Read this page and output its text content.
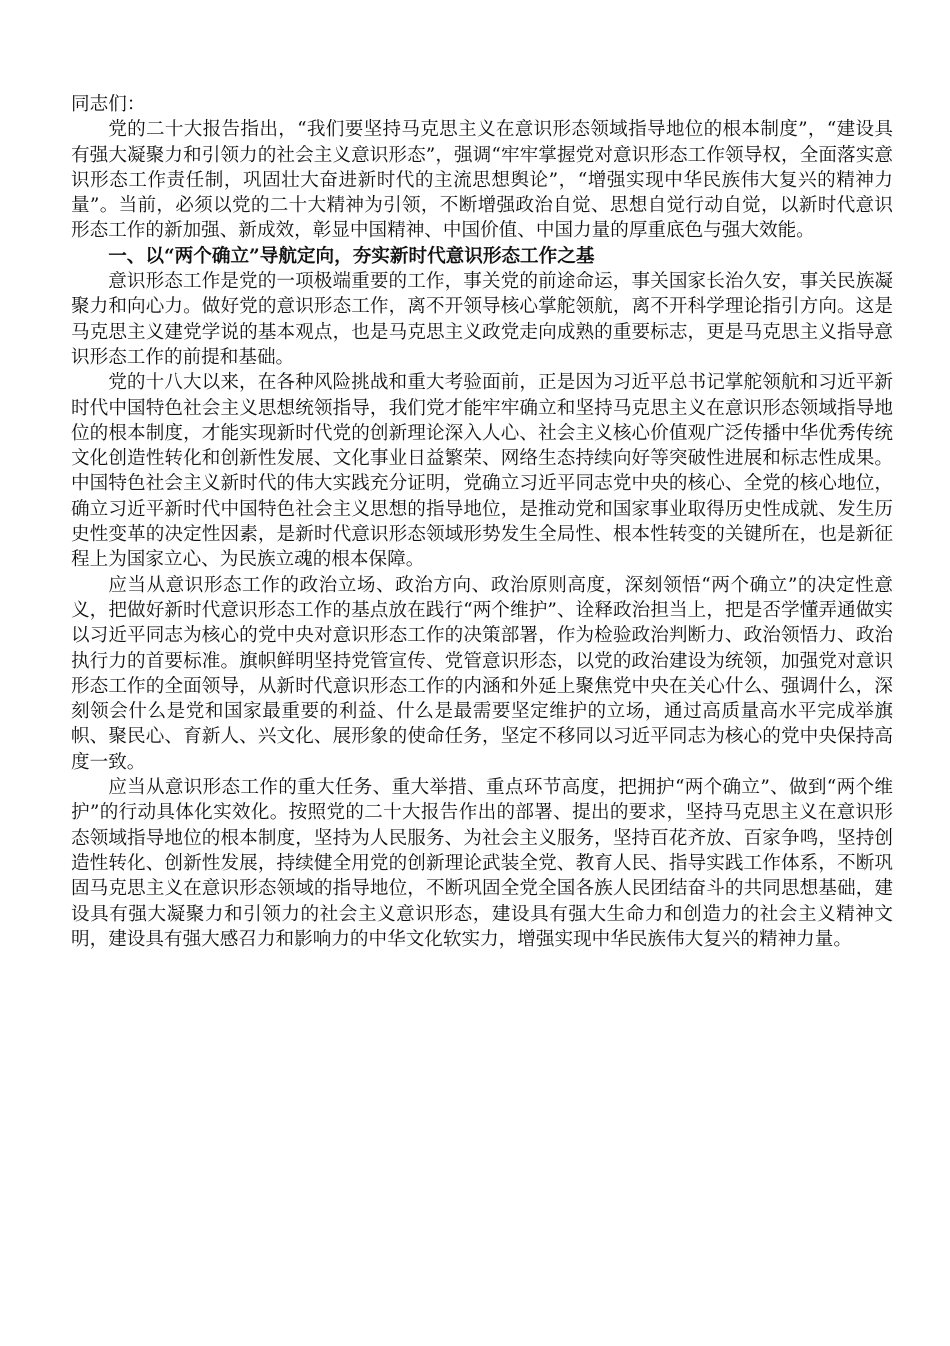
同志们：

党的二十大报告指出，“我们要坚持马克思主义在意识形态领域指导地位的根本制度”，“建设具有强大凝聚力和引领力的社会主义意识形态”，强调“牢牢掌握党对意识形态工作领导权，全面落实意识形态工作责任制，巩固壮大奋进新时代的主流思想舆论”，“增强实现中华民族伟大复兴的精神力量”。当前，必须以党的二十大精神为引领，不断增强政治自觉、思想自觉行动自觉，以新时代意识形态工作的新加强、新成效，彰显中国精神、中国价值、中国力量的厚重底色与强大效能。

一、以“两个确立”导航定向，夯实新时代意识形态工作之基

意识形态工作是党的一项极端重要的工作，事关党的前途命运，事关国家长治久安，事关民族凝聚力和向心力。做好党的意识形态工作，离不开领导核心掌舵领航，离不开科学理论指引方向。这是马克思主义建党学说的基本观点，也是马克思主义政党走向成熟的重要标志，更是马克思主义指导意识形态工作的前提和基础。

党的十八大以来，在各种风险挑战和重大考验面前，正是因为习近平总书记掌舵领航和习近平新时代中国特色社会主义思想统领指导，我们党才能牢牢确立和坚持马克思主义在意识形态领域指导地位的根本制度，才能实现新时代党的创新理论深入人心、社会主义核心价值观广泛传播中华优秀传统文化创造性转化和创新性发展、文化事业日益繁荣、网络生态持续向好等突破性进展和标志性成果。中国特色社会主义新时代的伟大实践充分证明，党确立习近平同志党中央的核心、全党的核心地位，确立习近平新时代中国特色社会主义思想的指导地位，是推动党和国家事业取得历史性成就、发生历史性变革的决定性因素，是新时代意识形态领域形势发生全局性、根本性转变的关键所在，也是新征程上为国家立心、为民族立魂的根本保障。

应当从意识形态工作的政治立场、政治方向、政治原则高度，深刻领悟“两个确立”的决定性意义，把做好新时代意识形态工作的基点放在践行“两个维护”、诠释政治担当上，把是否学懂弄通做实以习近平同志为核心的党中央对意识形态工作的决策部署，作为检验政治判断力、政治领悟力、政治执行力的首要标准。旗帜鲜明坚持党管宣传、党管意识形态，以党的政治建设为统领，加强党对意识形态工作的全面领导，从新时代意识形态工作的内涵和外延上聚焦党中央在关心什么、强调什么，深刻领会什么是党和国家最重要的利益、什么是最需要坚定维护的立场，通过高质量高水平完成举旗帜、聚民心、育新人、兴文化、展形象的使命任务，坚定不移同以习近平同志为核心的党中央保持高度一致。

应当从意识形态工作的重大任务、重大举措、重点环节高度，把拥护“两个确立”、做到“两个维护”的行动具体化实效化。按照党的二十大报告作出的部署、提出的要求，坚持马克思主义在意识形态领域指导地位的根本制度，坚持为人民服务、为社会主义服务，坚持百花齐放、百家争鸣，坚持创造性转化、创新性发展，持续健全用党的创新理论武装全党、教育人民、指导实践工作体系，不断巩固马克思主义在意识形态领域的指导地位，不断巩固全党全国各族人民团结奋斗的共同思想基础，建设具有强大凝聚力和引领力的社会主义意识形态，建设具有强大生命力和创造力的社会主义精神文明，建设具有强大感召力和影响力的中华文化软实力，增强实现中华民族伟大复兴的精神力量。
